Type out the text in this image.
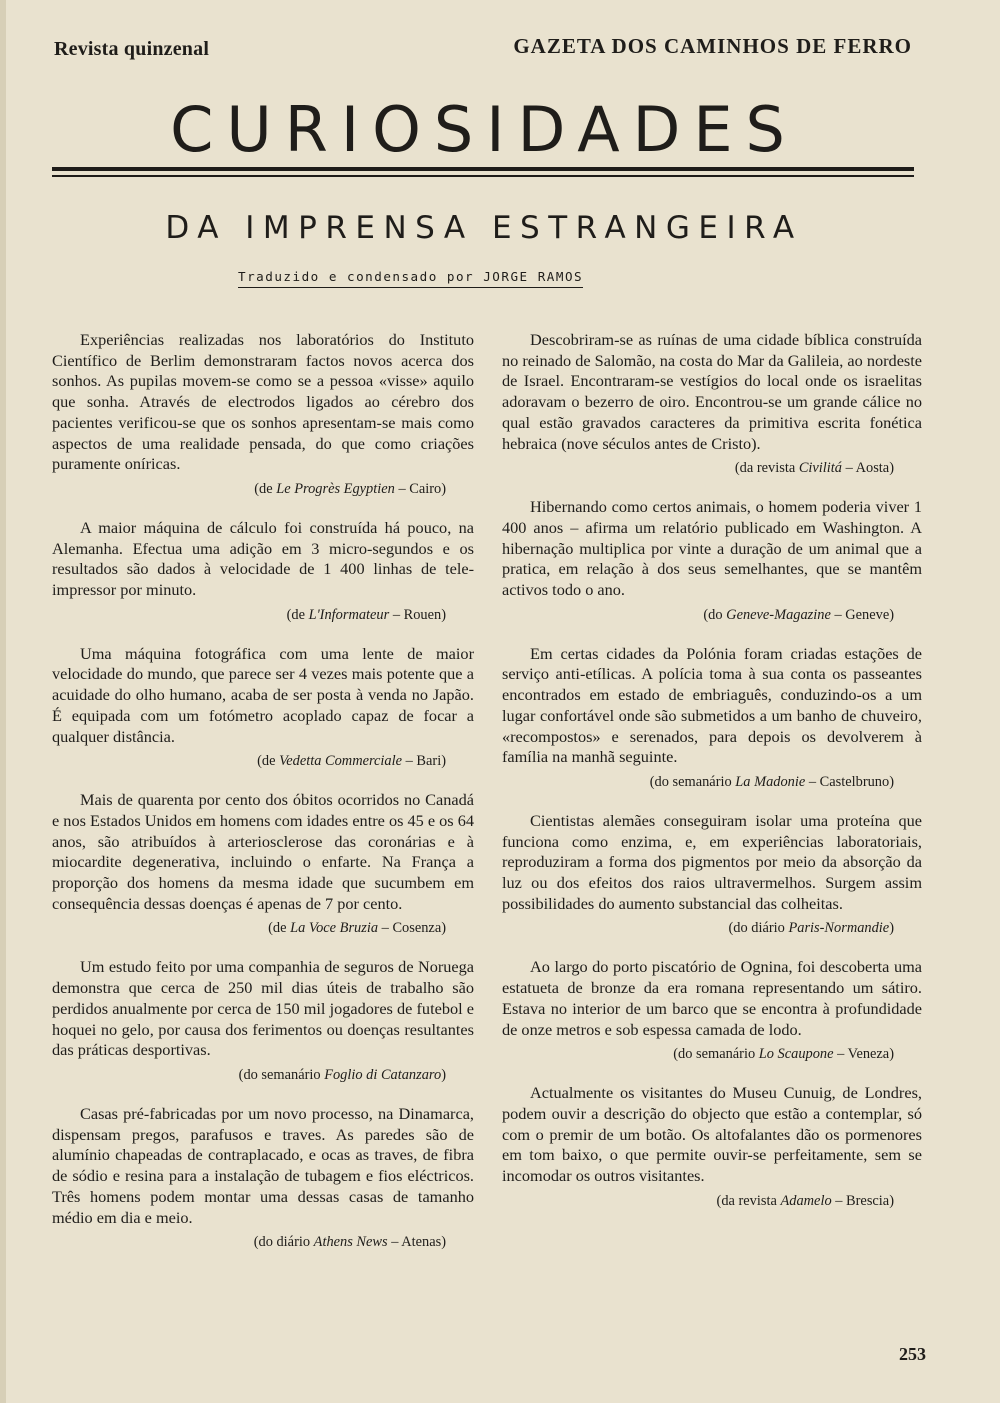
Revista quinzenal	GAZETA DOS CAMINHOS DE FERRO
CURIOSIDADES
DA IMPRENSA ESTRANGEIRA
Traduzido e condensado por JORGE RAMOS

Experiências realizadas nos laboratórios do Instituto Científico de Berlim demonstraram factos novos acerca dos sonhos. As pupilas movem-se como se a pessoa «visse» aquilo que sonha. Através de electrodos ligados ao cérebro dos pacientes verificou-se que os sonhos apresentam-se mais como aspectos de uma realidade pensada, do que como criações puramente oníricas.

(de Le Progrès Egyptien – Cairo)

A maior máquina de cálculo foi construída há pouco, na Alemanha. Efectua uma adição em 3 micro-segundos e os resultados são dados à velocidade de 1 400 linhas de tele-impressor por minuto.

(de L'Informateur – Rouen)

Uma máquina fotográfica com uma lente de maior velocidade do mundo, que parece ser 4 vezes mais potente que a acuidade do olho humano, acaba de ser posta à venda no Japão. É equipada com um fotómetro acoplado capaz de focar a qualquer distância.

(de Vedetta Commerciale – Bari)

Mais de quarenta por cento dos óbitos ocorridos no Canadá e nos Estados Unidos em homens com idades entre os 45 e os 64 anos, são atribuídos à arteriosclerose das coronárias e à miocardite degenerativa, incluindo o enfarte. Na França a proporção dos homens da mesma idade que sucumbem em consequência dessas doenças é apenas de 7 por cento.

(de La Voce Bruzia – Cosenza)

Um estudo feito por uma companhia de seguros de Noruega demonstra que cerca de 250 mil dias úteis de trabalho são perdidos anualmente por cerca de 150 mil jogadores de futebol e hoquei no gelo, por causa dos ferimentos ou doenças resultantes das práticas desportivas.

(do semanário Foglio di Catanzaro)

Casas pré-fabricadas por um novo processo, na Dinamarca, dispensam pregos, parafusos e traves. As paredes são de alumínio chapeadas de contraplacado, e ocas as traves, de fibra de sódio e resina para a instalação de tubagem e fios eléctricos. Três homens podem montar uma dessas casas de tamanho médio em dia e meio.

(do diário Athens News – Atenas)

Descobriram-se as ruínas de uma cidade bíblica construída no reinado de Salomão, na costa do Mar da Galileia, ao nordeste de Israel. Encontraram-se vestígios do local onde os israelitas adoravam o bezerro de oiro. Encontrou-se um grande cálice no qual estão gravados caracteres da primitiva escrita fonética hebraica (nove séculos antes de Cristo).

(da revista Civilitá – Aosta)

Hibernando como certos animais, o homem poderia viver 1 400 anos – afirma um relatório publicado em Washington. A hibernação multiplica por vinte a duração de um animal que a pratica, em relação à dos seus semelhantes, que se mantêm activos todo o ano.

(do Geneve-Magazine – Geneve)

Em certas cidades da Polónia foram criadas estações de serviço anti-etílicas. A polícia toma à sua conta os passeantes encontrados em estado de embriaguês, conduzindo-os a um lugar confortável onde são submetidos a um banho de chuveiro, «recompostos» e serenados, para depois os devolverem à família na manhã seguinte.

(do semanário La Madonie – Castelbruno)

Cientistas alemães conseguiram isolar uma proteína que funciona como enzima, e, em experiências laboratoriais, reproduziram a forma dos pigmentos por meio da absorção da luz ou dos efeitos dos raios ultravermelhos. Surgem assim possibilidades do aumento substancial das colheitas.

(do diário Paris-Normandie)

Ao largo do porto piscatório de Ognina, foi descoberta uma estatueta de bronze da era romana representando um sátiro. Estava no interior de um barco que se encontra à profundidade de onze metros e sob espessa camada de lodo.

(do semanário Lo Scaupone – Veneza)

Actualmente os visitantes do Museu Cunuig, de Londres, podem ouvir a descrição do objecto que estão a contemplar, só com o premir de um botão. Os altofalantes dão os pormenores em tom baixo, o que permite ouvir-se perfeitamente, sem se incomodar os outros visitantes.

(da revista Adamelo – Brescia)
253
